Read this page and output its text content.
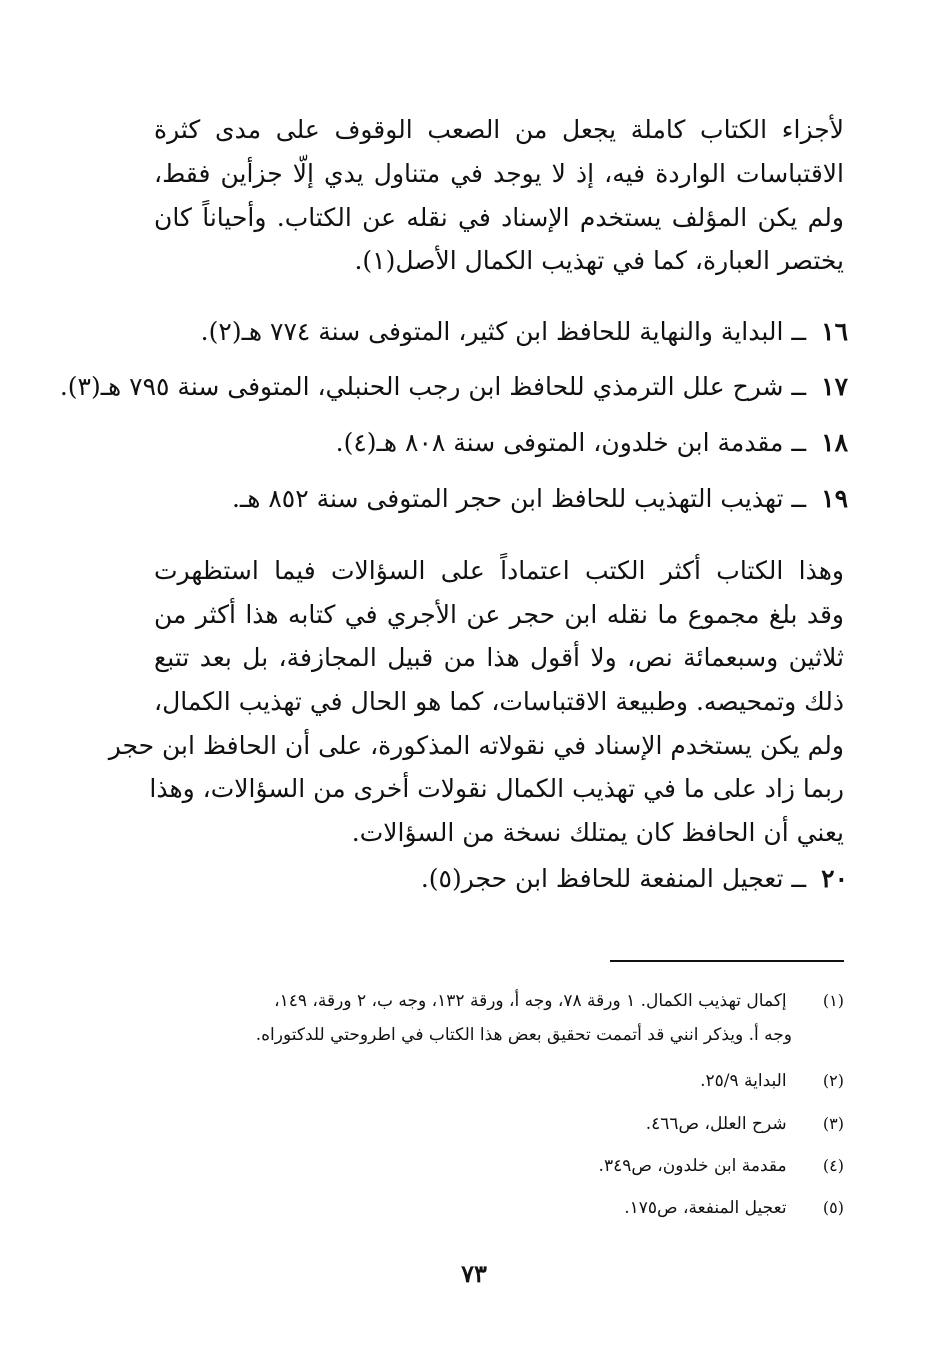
لأجزاء الكتاب كاملة يجعل من الصعب الوقوف على مدى كثرة
الاقتباسات الواردة فيه، إذ لا يوجد في متناول يدي إلّا جزأين فقط،
ولم يكن المؤلف يستخدم الإسناد في نقله عن الكتاب. وأحياناً كان
يختصر العبارة، كما في تهذيب الكمال الأصل(١).
١٦ ــ البداية والنهاية للحافظ ابن كثير، المتوفى سنة ٧٧٤ هـ(٢).
١٧ ــ شرح علل الترمذي للحافظ ابن رجب الحنبلي، المتوفى سنة ٧٩٥ هـ(٣).
١٨ ــ مقدمة ابن خلدون، المتوفى سنة ٨٠٨ هـ(٤).
١٩ ــ تهذيب التهذيب للحافظ ابن حجر المتوفى سنة ٨٥٢ هـ.
وهذا الكتاب أكثر الكتب اعتماداً على السؤالات فيما استظهرت
وقد بلغ مجموع ما نقله ابن حجر عن الأجري في كتابه هذا أكثر من
ثلاثين وسبعمائة نص، ولا أقول هذا من قبيل المجازفة، بل بعد تتبع
ذلك وتمحيصه. وطبيعة الاقتباسات، كما هو الحال في تهذيب الكمال،
ولم يكن يستخدم الإسناد في نقولاته المذكورة، على أن الحافظ ابن حجر
ربما زاد على ما في تهذيب الكمال نقولات أخرى من السؤالات، وهذا
يعني أن الحافظ كان يمتلك نسخة من السؤالات.
٢٠ ــ تعجيل المنفعة للحافظ ابن حجر(٥).
(١) إكمال تهذيب الكمال. ١ ورقة ٧٨، وجه أ، ورقة ١٣٢، وجه ب، ٢ ورقة، ١٤٩،
وجه أ. ويذكر انني قد أتممت تحقيق بعض هذا الكتاب في اطروحتي للدكتوراه.
(٢) البداية ٢٥/٩.
(٣) شرح العلل، ص٤٦٦.
(٤) مقدمة ابن خلدون، ص٣٤٩.
(٥) تعجيل المنفعة، ص١٧٥.
٧٣
